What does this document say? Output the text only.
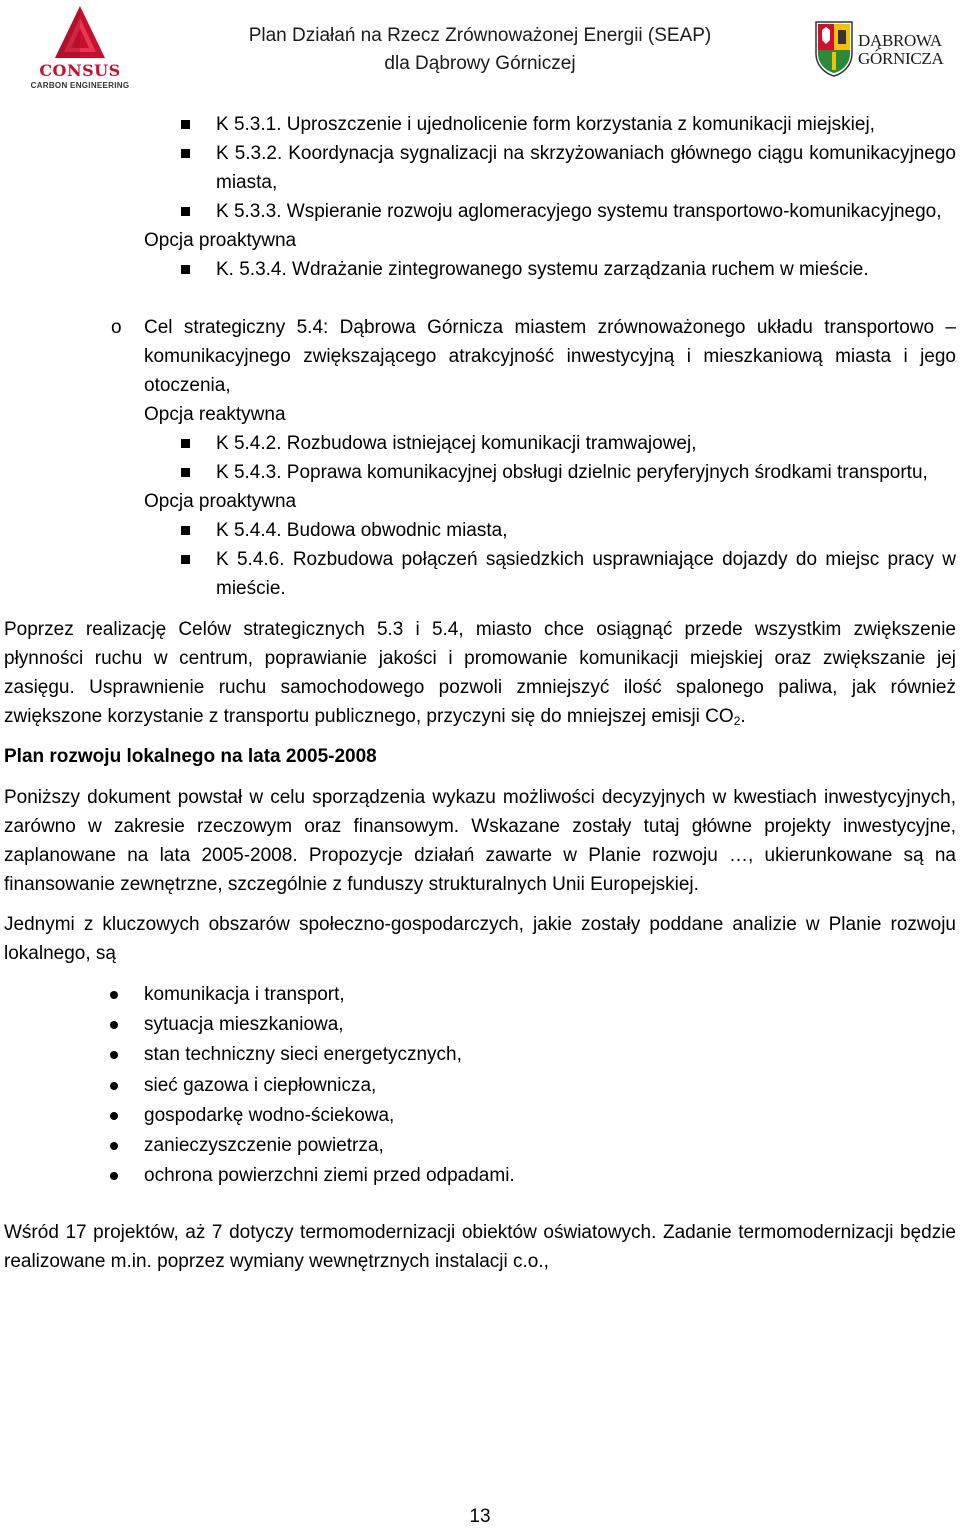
CONSUS
CARBON ENGINEERING
Plan Działań na Rzecz Zrównoważonej Energii (SEAP)
dla Dąbrowy Górniczej
DĄBROWA
GÓRNICZA
K 5.3.1. Uproszczenie i ujednolicenie form korzystania z komunikacji miejskiej,
K 5.3.2. Koordynacja sygnalizacji na skrzyżowaniach głównego ciągu komunikacyjnego miasta,
K 5.3.3. Wspieranie rozwoju aglomeracyjego systemu transportowo-komunikacyjnego,
Opcja proaktywna
K. 5.3.4. Wdrażanie zintegrowanego systemu zarządzania ruchem w mieście.
o Cel strategiczny 5.4: Dąbrowa Górnicza miastem zrównoważonego układu transportowo – komunikacyjnego zwiększającego atrakcyjność inwestycyjną i mieszkaniową miasta i jego otoczenia,
Opcja reaktywna
K 5.4.2. Rozbudowa istniejącej komunikacji tramwajowej,
K 5.4.3. Poprawa komunikacyjnej obsługi dzielnic peryferyjnych środkami transportu,
Opcja proaktywna
K 5.4.4. Budowa obwodnic miasta,
K 5.4.6. Rozbudowa połączeń sąsiedzkich usprawniające dojazdy do miejsc pracy w mieście.
Poprzez realizację Celów strategicznych 5.3 i 5.4, miasto chce osiągnąć przede wszystkim zwiększenie płynności ruchu w centrum, poprawianie jakości i promowanie komunikacji miejskiej oraz zwiększanie jej zasięgu. Usprawnienie ruchu samochodowego pozwoli zmniejszyć ilość spalonego paliwa, jak również zwiększone korzystanie z transportu publicznego, przyczyni się do mniejszej emisji $CO_2$.
Plan rozwoju lokalnego na lata 2005-2008
Poniższy dokument powstał w celu sporządzenia wykazu możliwości decyzyjnych w kwestiach inwestycyjnych, zarówno w zakresie rzeczowym oraz finansowym. Wskazane zostały tutaj główne projekty inwestycyjne, zaplanowane na lata 2005-2008. Propozycje działań zawarte w Planie rozwoju …, ukierunkowane są na finansowanie zewnętrzne, szczególnie z funduszy strukturalnych Unii Europejskiej.
Jednymi z kluczowych obszarów społeczno-gospodarczych, jakie zostały poddane analizie w Planie rozwoju lokalnego, są
komunikacja i transport,
sytuacja mieszkaniowa,
stan techniczny sieci energetycznych,
sieć gazowa i ciepłownicza,
gospodarkę wodno-ściekowa,
zanieczyszczenie powietrza,
ochrona powierzchni ziemi przed odpadami.
Wśród 17 projektów, aż 7 dotyczy termomodernizacji obiektów oświatowych. Zadanie termomodernizacji będzie realizowane m.in. poprzez wymiany wewnętrznych instalacji c.o.,
13
